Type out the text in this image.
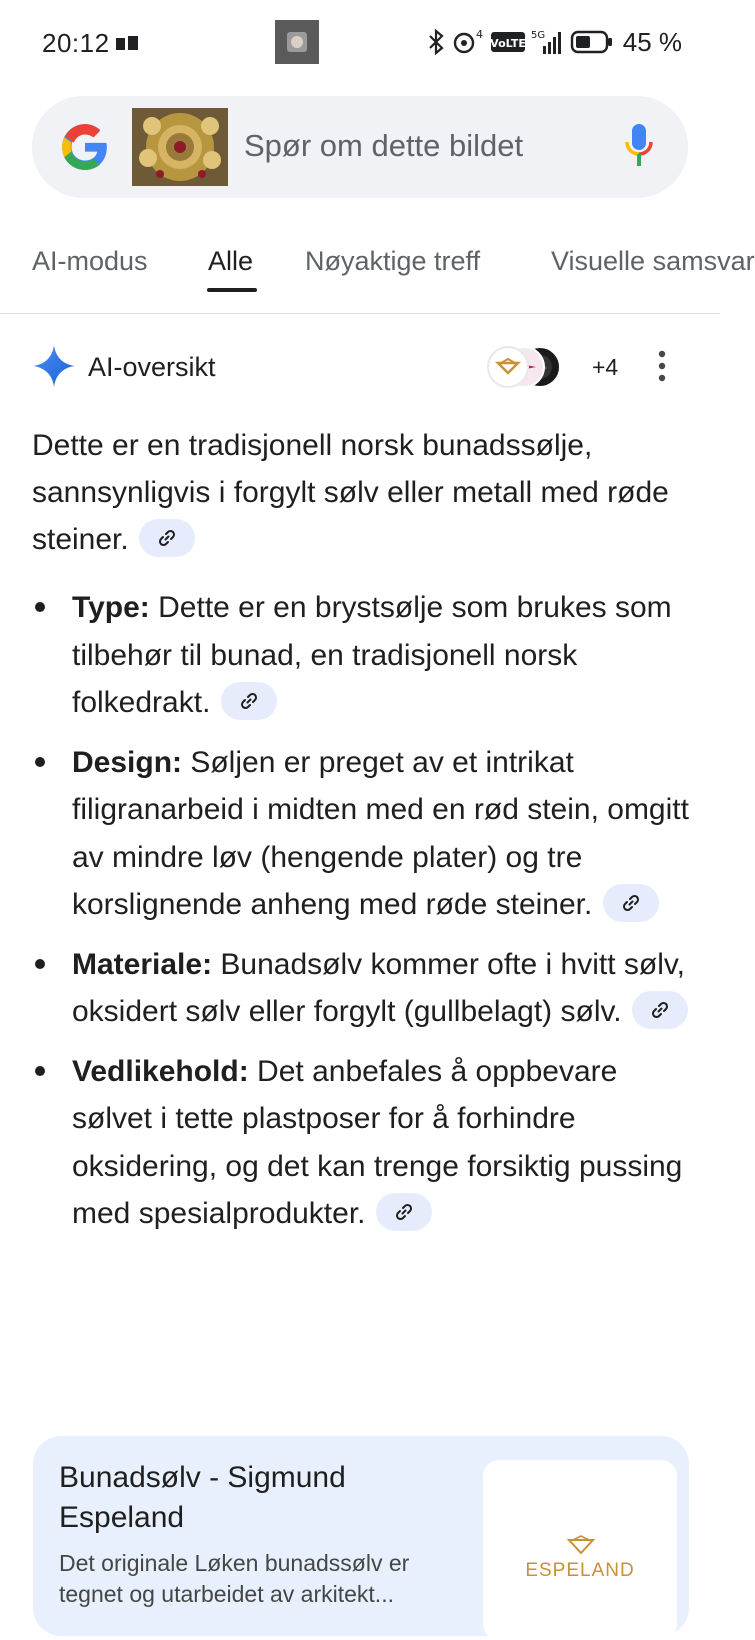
20:12	4
VoLTE
5G	45 %
Spør om dette bildet
AI-modus Alle Nøyaktige treff	Visuelle samsvar
AI-oversikt	+4

Dette er en tradisjonell norsk bunadssølje, sannsynligvis i forgylt sølv eller metall med røde steiner.

Type: Dette er en brystsølje som brukes som tilbehør til bunad, en tradisjonell norsk folkedrakt.
Design: Søljen er preget av et intrikat filigranarbeid i midten med en rød stein, omgitt av mindre løv (hengende plater) og tre korslignende anheng med røde steiner.
Materiale: Bunadsølv kommer ofte i hvitt sølv, oksidert sølv eller forgylt (gullbelagt) sølv.
Vedlikehold: Det anbefales å oppbevare sølvet i tette plastposer for å forhindre oksidering, og det kan trenge forsiktig pussing med spesialprodukter.
Bunadsølv - Sigmund Espeland
Det originale Løken bunadssølv er tegnet og utarbeidet av arkitekt...
ESPELAND
